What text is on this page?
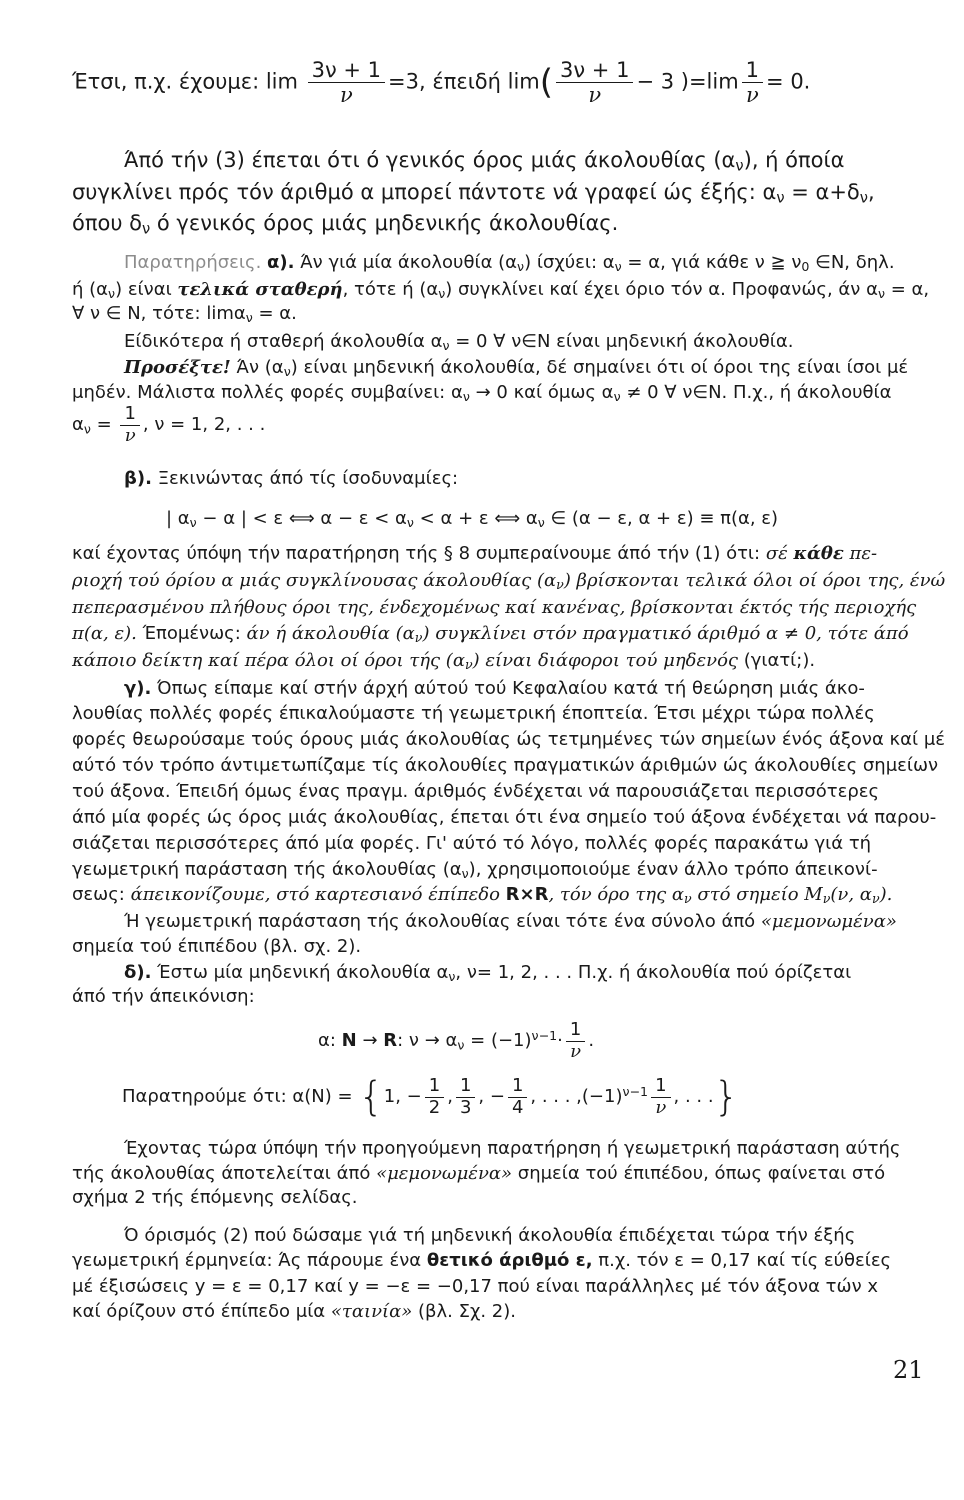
Έτσι, π.χ. έχουμε: $\lim \frac{3\nu + 1}{\nu} =3$, έπειδή $\lim( \frac{3\nu + 1}{\nu} - 3$ )$=\lim \frac{1}{\nu} = 0$.
Άπό τήν (3) έπεται ότι ό γενικός όρος μιάς άκολουθίας $(\alpha_\nu)$, ή όποία
συγκλίνει πρός τόν άριθμό α μπορεί πάντοτε νά γραφεί ώς έξής: $\alpha_\nu = \alpha+\delta_\nu$,
όπου $\delta_\nu$ ό γενικός όρος μιάς μηδενικής άκολουθίας.
Παρατηρήσεις. α). Άν γιά μία άκολουθία $(\alpha_\nu)$ ίσχύει: $\alpha_\nu = \alpha$, γιά κάθε ν ≧ $\nu_0$ ∈N, δηλ.
ή $(\alpha_\nu)$ είναι τελικά σταθερή, τότε ή $(\alpha_\nu)$ συγκλίνει καί έχει όριο τόν α. Προφανώς, άν $\alpha_\nu = \alpha$,
∀ ν ∈ N, τότε: limα$_\nu$ = α.
Είδικότερα ή σταθερή άκολουθία $\alpha_\nu = 0$ ∀ ν∈N είναι μηδενική άκολουθία.
Προσέξτε! Άν $(\alpha_\nu)$ είναι μηδενική άκολουθία, δέ σημαίνει ότι οί όροι της είναι ίσοι μέ
μηδέν. Μάλιστα πολλές φορές συμβαίνει: $\alpha_\nu \to 0$ καί όμως $\alpha_\nu \ne 0$ ∀ ν∈N. Π.χ., ή άκολουθία
$\alpha_\nu = \frac{1}{\nu}$ , ν = 1, 2, . . .
β). Ξεκινώντας άπό τίς ίσοδυναμίες:
| $\alpha_\nu - \alpha$ | < ε ⟺ $\alpha - \varepsilon < \alpha_\nu < \alpha + \varepsilon$ ⟺ $\alpha_\nu$ ∈ (α − ε, α + ε) ≡ π(α, ε)
καί έχοντας ύπόψη τήν παρατήρηση τής § 8 συμπεραίνουμε άπό τήν (1) ότι: σέ κάθε πε-
ριοχή τού όρίου α μιάς συγκλίνουσας άκολουθίας $(\alpha_\nu)$ βρίσκονται τελικά όλοι οί όροι της, ένώ
πεπερασμένου πλήθους όροι της, ένδεχομένως καί κανένας, βρίσκονται έκτός τής περιοχής
π(α, ε). Έπομένως: άν ή άκολουθία $(\alpha_\nu)$ συγκλίνει στόν πραγματικό άριθμό α ≠ 0, τότε άπό
κάποιο δείκτη καί πέρα όλοι οί όροι τής $(\alpha_\nu)$ είναι διάφοροι τού μηδενός (γιατί;).
γ). Όπως είπαμε καί στήν άρχή αύτού τού Κεφαλαίου κατά τή θεώρηση μιάς άκο-
λουθίας πολλές φορές έπικαλούμαστε τή γεωμετρική έποπτεία. Έτσι μέχρι τώρα πολλές
φορές θεωρούσαμε τούς όρους μιάς άκολουθίας ώς τετμημένες τών σημείων ένός άξονα καί μέ
αύτό τόν τρόπο άντιμετωπίζαμε τίς άκολουθίες πραγματικών άριθμών ώς άκολουθίες σημείων
τού άξονα. Έπειδή όμως ένας πραγμ. άριθμός ένδέχεται νά παρουσιάζεται περισσότερες
άπό μία φορές ώς όρος μιάς άκολουθίας, έπεται ότι ένα σημείο τού άξονα ένδέχεται νά παρου-
σιάζεται περισσότερες άπό μία φορές. Γι' αύτό τό λόγο, πολλές φορές παρακάτω γιά τή
γεωμετρική παράσταση τής άκολουθίας $(\alpha_\nu)$, χρησιμοποιούμε έναν άλλο τρόπο άπεικονί-
σεως: άπεικονίζουμε, στό καρτεσιανό έπίπεδο R×R, τόν όρο της $\alpha_\nu$ στό σημείο $M_\nu(\nu$, $\alpha_\nu$).
Ή γεωμετρική παράσταση τής άκολουθίας είναι τότε ένα σύνολο άπό «μεμονωμένα»
σημεία τού έπιπέδου (βλ. σχ. 2).
δ). Έστω μία μηδενική άκολουθία $\alpha_\nu$, ν= 1, 2, . . . Π.χ. ή άκολουθία πού όρίζεται
άπό τήν άπεικόνιση:
α: N → R: $\nu \to \alpha_\nu = (-1)^{\nu-1}\cdot \frac{1}{\nu}$ .
Παρατηρούμε ότι: α(N) = {1, − $\frac{1}{2}$ , $\frac{1}{3}$ , − $\frac{1}{4}$ , . . . $,(-1)^{\nu-1} \frac{1}{\nu}$ , . . .}
Έχοντας τώρα ύπόψη τήν προηγούμενη παρατήρηση ή γεωμετρική παράσταση αύτής
τής άκολουθίας άποτελείται άπό «μεμονωμένα» σημεία τού έπιπέδου, όπως φαίνεται στό
σχήμα 2 τής έπόμενης σελίδας.
Ό όρισμός (2) πού δώσαμε γιά τή μηδενική άκολουθία έπιδέχεται τώρα τήν έξής
γεωμετρική έρμηνεία: Άς πάρουμε ένα θετικό άριθμό ε, π.χ. τόν ε = 0,17 καί τίς εύθείες
μέ έξισώσεις y = ε = 0,17 καί y = −ε = −0,17 πού είναι παράλληλες μέ τόν άξονα τών x
καί όρίζουν στό έπίπεδο μία «ταινία» (βλ. Σχ. 2).
21
